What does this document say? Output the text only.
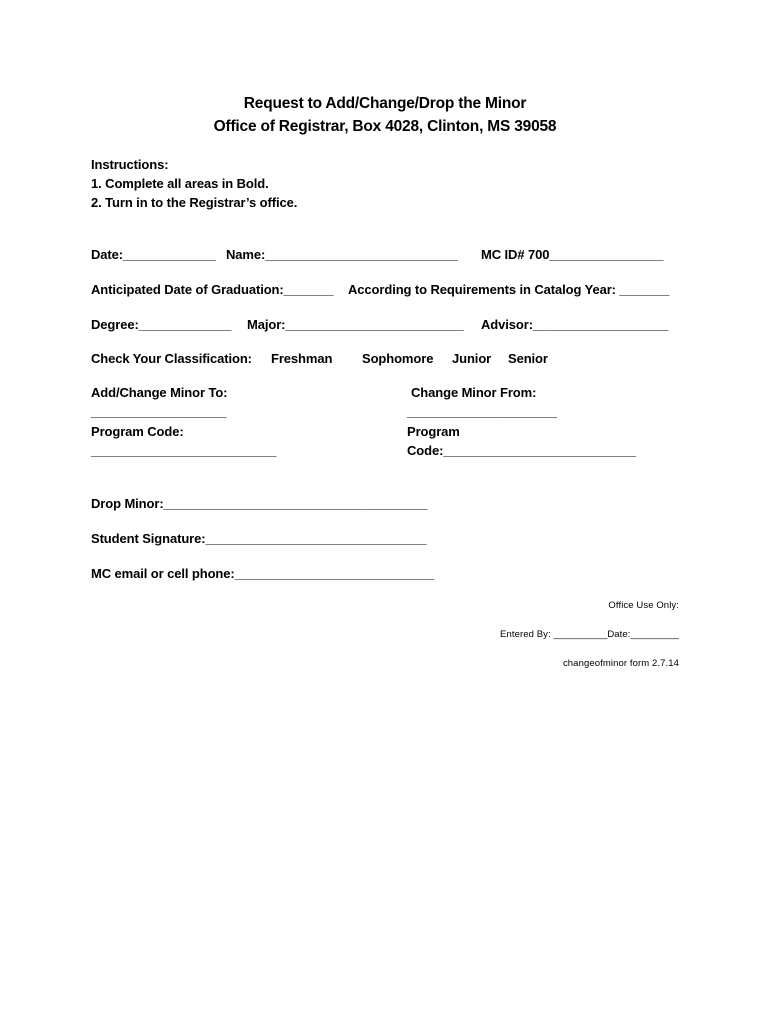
Request to Add/Change/Drop the Minor
Office of Registrar, Box 4028, Clinton, MS 39058
Instructions:
1. Complete all areas in Bold.
2. Turn in to the Registrar’s office.
Date:_____________ Name:___________________________ MC ID# 700________________
Anticipated Date of Graduation:_______ According to Requirements in Catalog Year: _______
Degree:_____________ Major:_________________________ Advisor:___________________
Check Your Classification: Freshman Sophomore Junior Senior
Add/Change Minor To:	Change Minor From:
___________________	_____________________
Program Code:	Program
__________________________	Code:___________________________
Drop Minor:_____________________________________
Student Signature:_______________________________
MC email or cell phone:____________________________
Office Use Only:
Entered By: __________Date:_________
changeofminor form 2.7.14
